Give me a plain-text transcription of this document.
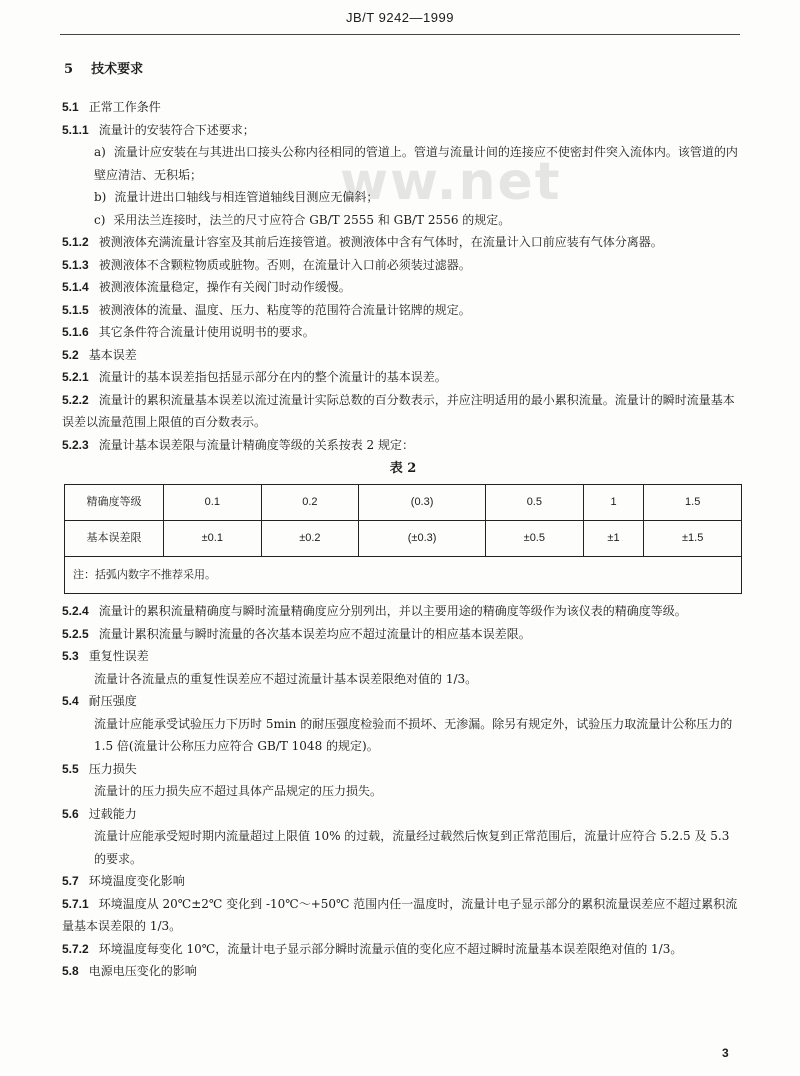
JB/T 9242—1999
ww.net
5 技术要求

5.1 正常工作条件

5.1.1 流量计的安装符合下述要求；

a) 流量计应安装在与其进出口接头公称内径相同的管道上。管道与流量计间的连接应不使密封件突入流体内。该管道的内壁应清洁、无积垢；

b) 流量计进出口轴线与相连管道轴线目测应无偏斜；

c) 采用法兰连接时，法兰的尺寸应符合 GB/T 2555 和 GB/T 2556 的规定。

5.1.2 被测液体充满流量计容室及其前后连接管道。被测液体中含有气体时，在流量计入口前应装有气体分离器。

5.1.3 被测液体不含颗粒物质或脏物。否则，在流量计入口前必须装过滤器。

5.1.4 被测液体流量稳定，操作有关阀门时动作缓慢。

5.1.5 被测液体的流量、温度、压力、粘度等的范围符合流量计铭牌的规定。

5.1.6 其它条件符合流量计使用说明书的要求。

5.2 基本误差

5.2.1 流量计的基本误差指包括显示部分在内的整个流量计的基本误差。

5.2.2 流量计的累积流量基本误差以流过流量计实际总数的百分数表示，并应注明适用的最小累积流量。流量计的瞬时流量基本误差以流量范围上限值的百分数表示。

5.2.3 流量计基本误差限与流量计精确度等级的关系按表 2 规定：

表 2
精确度等级	0.1	0.2	(0.3)	0.5	1	1.5
基本误差限	±0.1	±0.2	(±0.3)	±0.5	±1	±1.5
注：括弧内数字不推荐采用。						

5.2.4 流量计的累积流量精确度与瞬时流量精确度应分别列出，并以主要用途的精确度等级作为该仪表的精确度等级。

5.2.5 流量计累积流量与瞬时流量的各次基本误差均应不超过流量计的相应基本误差限。

5.3 重复性误差

流量计各流量点的重复性误差应不超过流量计基本误差限绝对值的 1/3。

5.4 耐压强度

流量计应能承受试验压力下历时 5min 的耐压强度检验而不损坏、无渗漏。除另有规定外，试验压力取流量计公称压力的 1.5 倍(流量计公称压力应符合 GB/T 1048 的规定)。

5.5 压力损失

流量计的压力损失应不超过具体产品规定的压力损失。

5.6 过载能力

流量计应能承受短时期内流量超过上限值 10% 的过载，流量经过载然后恢复到正常范围后，流量计应符合 5.2.5 及 5.3 的要求。

5.7 环境温度变化影响

5.7.1 环境温度从 20℃±2℃ 变化到 -10℃～+50℃ 范围内任一温度时，流量计电子显示部分的累积流量误差应不超过累积流量基本误差限的 1/3。

5.7.2 环境温度每变化 10℃，流量计电子显示部分瞬时流量示值的变化应不超过瞬时流量基本误差限绝对值的 1/3。

5.8 电源电压变化的影响

3
